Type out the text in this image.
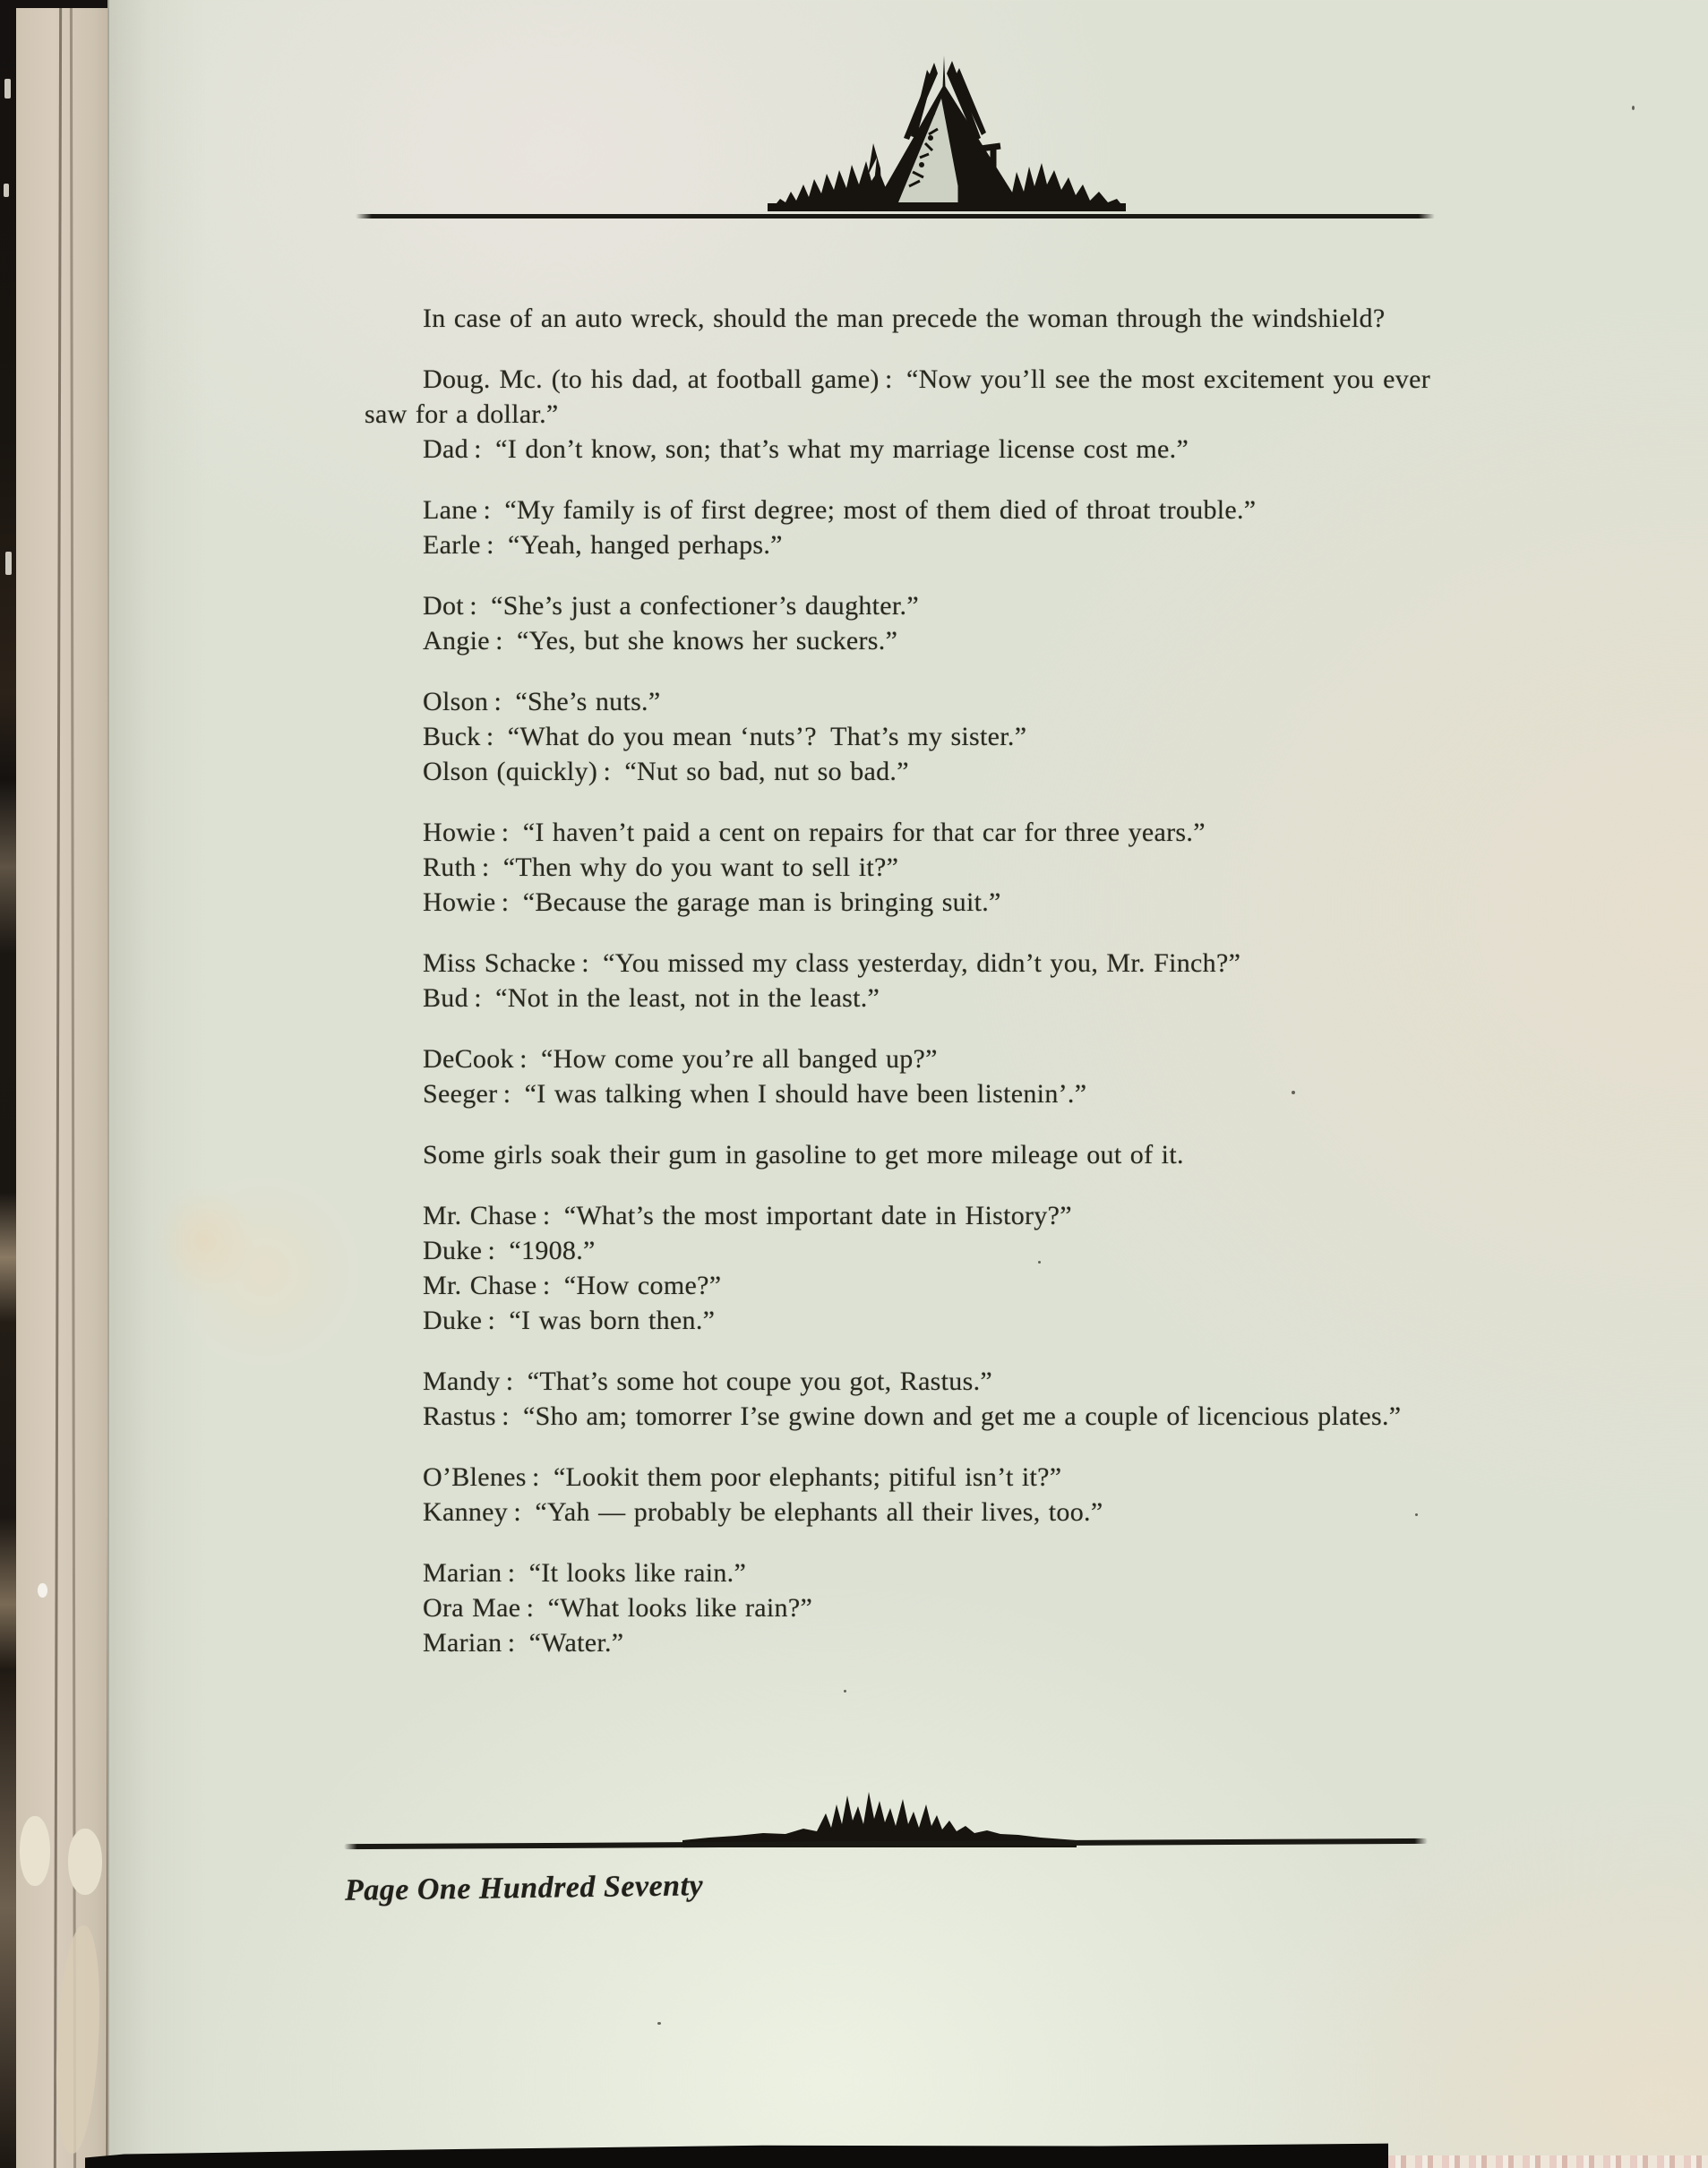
In case of an auto wreck, should the man precede the woman through the windshield?
Doug. Mc. (to his dad, at football game) : “Now you’ll see the most excitement you ever saw for a dollar.”
Dad : “I don’t know, son; that’s what my marriage license cost me.”
Lane : “My family is of first degree; most of them died of throat trouble.”
Earle : “Yeah, hanged perhaps.”
Dot : “She’s just a confectioner’s daughter.”
Angie : “Yes, but she knows her suckers.”
Olson : “She’s nuts.”
Buck : “What do you mean ‘nuts’? That’s my sister.”
Olson (quickly) : “Nut so bad, nut so bad.”
Howie : “I haven’t paid a cent on repairs for that car for three years.”
Ruth : “Then why do you want to sell it?”
Howie : “Because the garage man is bringing suit.”
Miss Schacke : “You missed my class yesterday, didn’t you, Mr. Finch?”
Bud : “Not in the least, not in the least.”
DeCook : “How come you’re all banged up?”
Seeger : “I was talking when I should have been listenin’.”
Some girls soak their gum in gasoline to get more mileage out of it.
Mr. Chase : “What’s the most important date in History?”
Duke : “1908.”
Mr. Chase : “How come?”
Duke : “I was born then.”
Mandy : “That’s some hot coupe you got, Rastus.”
Rastus : “Sho am; tomorrer I’se gwine down and get me a couple of licencious plates.”
O’Blenes : “Lookit them poor elephants; pitiful isn’t it?”
Kanney : “Yah — probably be elephants all their lives, too.”
Marian : “It looks like rain.”
Ora Mae : “What looks like rain?”
Marian : “Water.”
Page One Hundred Seventy
